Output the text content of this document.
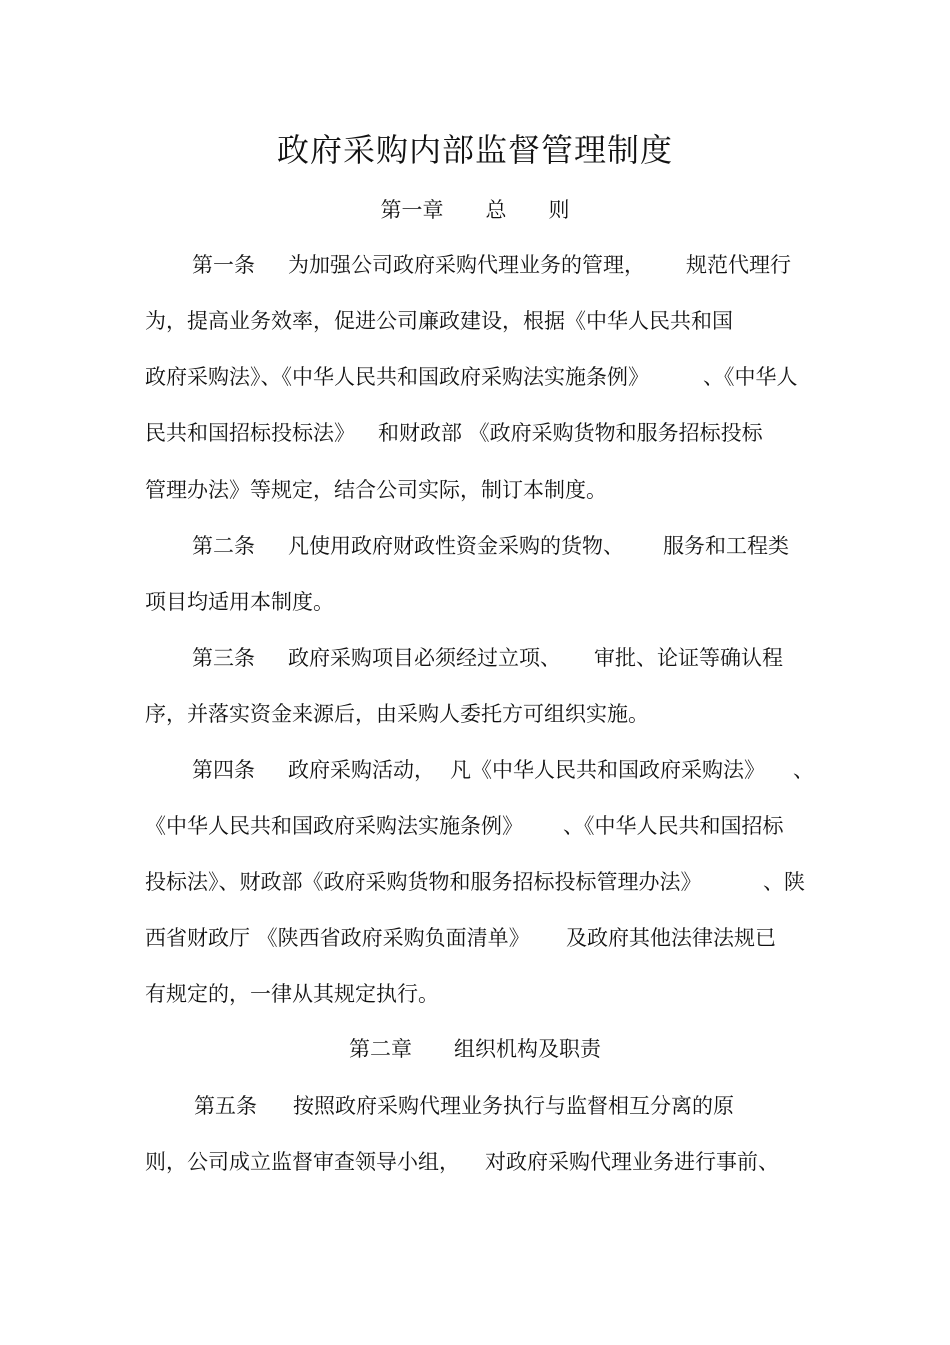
政府采购内部监督管理制度
第一章　　总　　则

第一条

为加强公司政府采购代理业务的管理，

规范代理行

为，提高业务效率，促进公司廉政建设，根据《中华人民共和国

政府采购法》、《中华人民共和国政府采购法实施条例》

	、《中华人

民共和国招标投标法》

和财政部 《政府采购货物和服务招标投标

管理办法》等规定，结合公司实际，制订本制度。

第二条

凡使用政府财政性资金采购的货物、

服务和工程类

项目均适用本制度。

第三条

政府采购项目必须经过立项、

审批、论证等确认程

序，并落实资金来源后，由采购人委托方可组织实施。

第四条

政府采购活动，

凡《中华人民共和国政府采购法》

、

《中华人民共和国政府采购法实施条例》

、《中华人民共和国招标

投标法》、财政部《政府采购货物和服务招标投标管理办法》

	、陕

西省财政厅 《陕西省政府采购负面清单》

及政府其他法律法规已

有规定的，一律从其规定执行。

第二章　　组织机构及职责

第五条

按照政府采购代理业务执行与监督相互分离的原

则，公司成立监督审查领导小组，

对政府采购代理业务进行事前、
